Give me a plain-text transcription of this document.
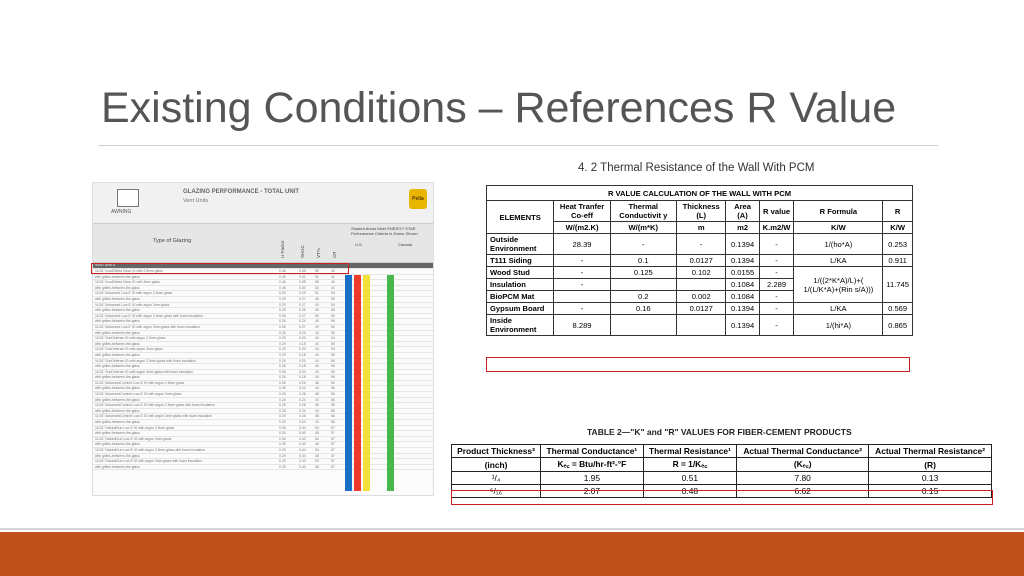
Existing Conditions – References R Value
AWNING
GLAZING PERFORMANCE - TOTAL UNIT
Vent Units	Pella
Type of Glazing	U-Factor	SHGC VT% CR
Shaded Areas Meet ENERGY STAR Performance Criteria in Zones Shown
U.S.	Canada
VENT UNITS
11/16" InsulShield Clear IG with 2.5mm glass	0.46	0.55	59	40
with grilles-between-the-glass	0.46	0.51	51	41
11/16" InsulShield Clear IG with 3mm glass	0.46	0.55	58	40
with grilles-between-the-glass	0.46	0.50	52	40
11/16" Advanced Low-E IG with argon 2.5mm glass	0.29	0.29	51	54
with grilles-between-the-glass	0.29	0.27	46	55
11/16" Advanced Low-E IG with argon 3mm glass	0.29	0.27	49	54
with grilles-between-the-glass	0.29	0.26	45	55
11/16" Advanced Low-E IG with argon 2.5mm glass with foam insulation	0.26	0.27	50	56
with grilles-between-the-glass	0.26	0.24	45	56
11/16" Advanced Low-E IG with argon 3mm glass with foam insulation	0.26	0.27	49	56
with grilles-between-the-glass	0.26	0.24	44	56
11/16" SunDefense IG with argon 2.5mm glass	0.29	0.20	44	54
with grilles-between-the-glass	0.29	0.18	40	55
11/16" SunDefense IG with argon 3mm glass	0.29	0.20	44	54
with grilles-between-the-glass	0.29	0.18	40	55
11/16" SunDefense IG with argon 2.5mm glass with foam insulation	0.26	0.20	44	56
with grilles-between-the-glass	0.26	0.18	40	56
11/16" SunDefense IG with argon 3mm glass with foam insulation	0.26	0.20	43	56
with grilles-between-the-glass	0.26	0.18	40	56
11/16" AdvancedComfort Low-E IG with argon 2.5mm glass	0.26	0.26	48	56
with grilles-between-the-glass	0.26	0.24	44	56
11/16" AdvancedComfort Low-E IG with argon 3mm glass	0.26	0.26	48	56
with grilles-between-the-glass	0.26	0.24	43	56
11/16" AdvancedComfort Low-E IG with argon 2.5mm glass with foam insulation	0.25	0.26	48	56
with grilles-between-the-glass	0.25	0.24	44	56
11/16" AdvancedComfort Low-E IG with argon 3mm glass with foam insulation	0.25	0.26	48	56
with grilles-between-the-glass	0.25	0.23	43	56
11/16" NaturalSun Low-E IG with argon 2.5mm glass	0.30	0.44	54	57
with grilles-between-the-glass	0.30	0.40	48	57
11/16" NaturalSun Low-E IG with argon 3mm glass	0.30	0.43	54	57
with grilles-between-the-glass	0.30	0.40	48	57
11/16" NaturalSun Low-E IG with argon 2.5mm glass with foam insulation	0.29	0.44	54	57
with grilles-between-the-glass	0.29	0.40	48	57
11/16" NaturalSun Low-E IG with argon 3mm glass with foam insulation	0.29	0.43	53	57
with grilles-between-the-glass	0.29	0.40	48	57
4. 2 Thermal Resistance of the Wall With PCM
R VALUE CALCULATION OF THE WALL WITH PCM							
ELEMENTS	Heat Tranfer Co-eff	Thermal Conductivit y	Thickness (L)	Area (A)	R value	R Formula	R
	W/(m2.K)	W/(m*K)	m	m2	K.m2/W	K/W	K/W
Outside Environment	28.39	-	-	0.1394	-	1/(ho*A)	0.253
T111 Siding	-	0.1	0.0127	0.1394	-	L/KA	0.911
Wood Stud	-	0.125	0.102	0.0155	-	1/((2*K*A)/L)+( 1/(L/K*A)+(Rin s/A)))	11.745
Insulation	-			0.1084	2.289		
BioPCM Mat		0.2	0.002	0.1084	-		
Gypsum Board	-	0.16	0.0127	0.1394	-	L/KA	0.569
Inside Environment	8.289			0.1394	-	1/(hi*A)	0.865
TABLE 2—"K" and "R" VALUES FOR FIBER-CEMENT PRODUCTS
Product Thickness³	Thermal Conductance¹	Thermal Resistance¹	Actual Thermal Conductance²	Actual Thermal Resistance²
(inch)	Kₑ꜀ = Btu/hr-ft²-°F	R = 1/Kₑ꜀	(Kₑ꜀)	(R)
¹/₄	1.95	0.51	7.80	0.13
⁵/₁₆	2.07	0.48	6.62	0.15
